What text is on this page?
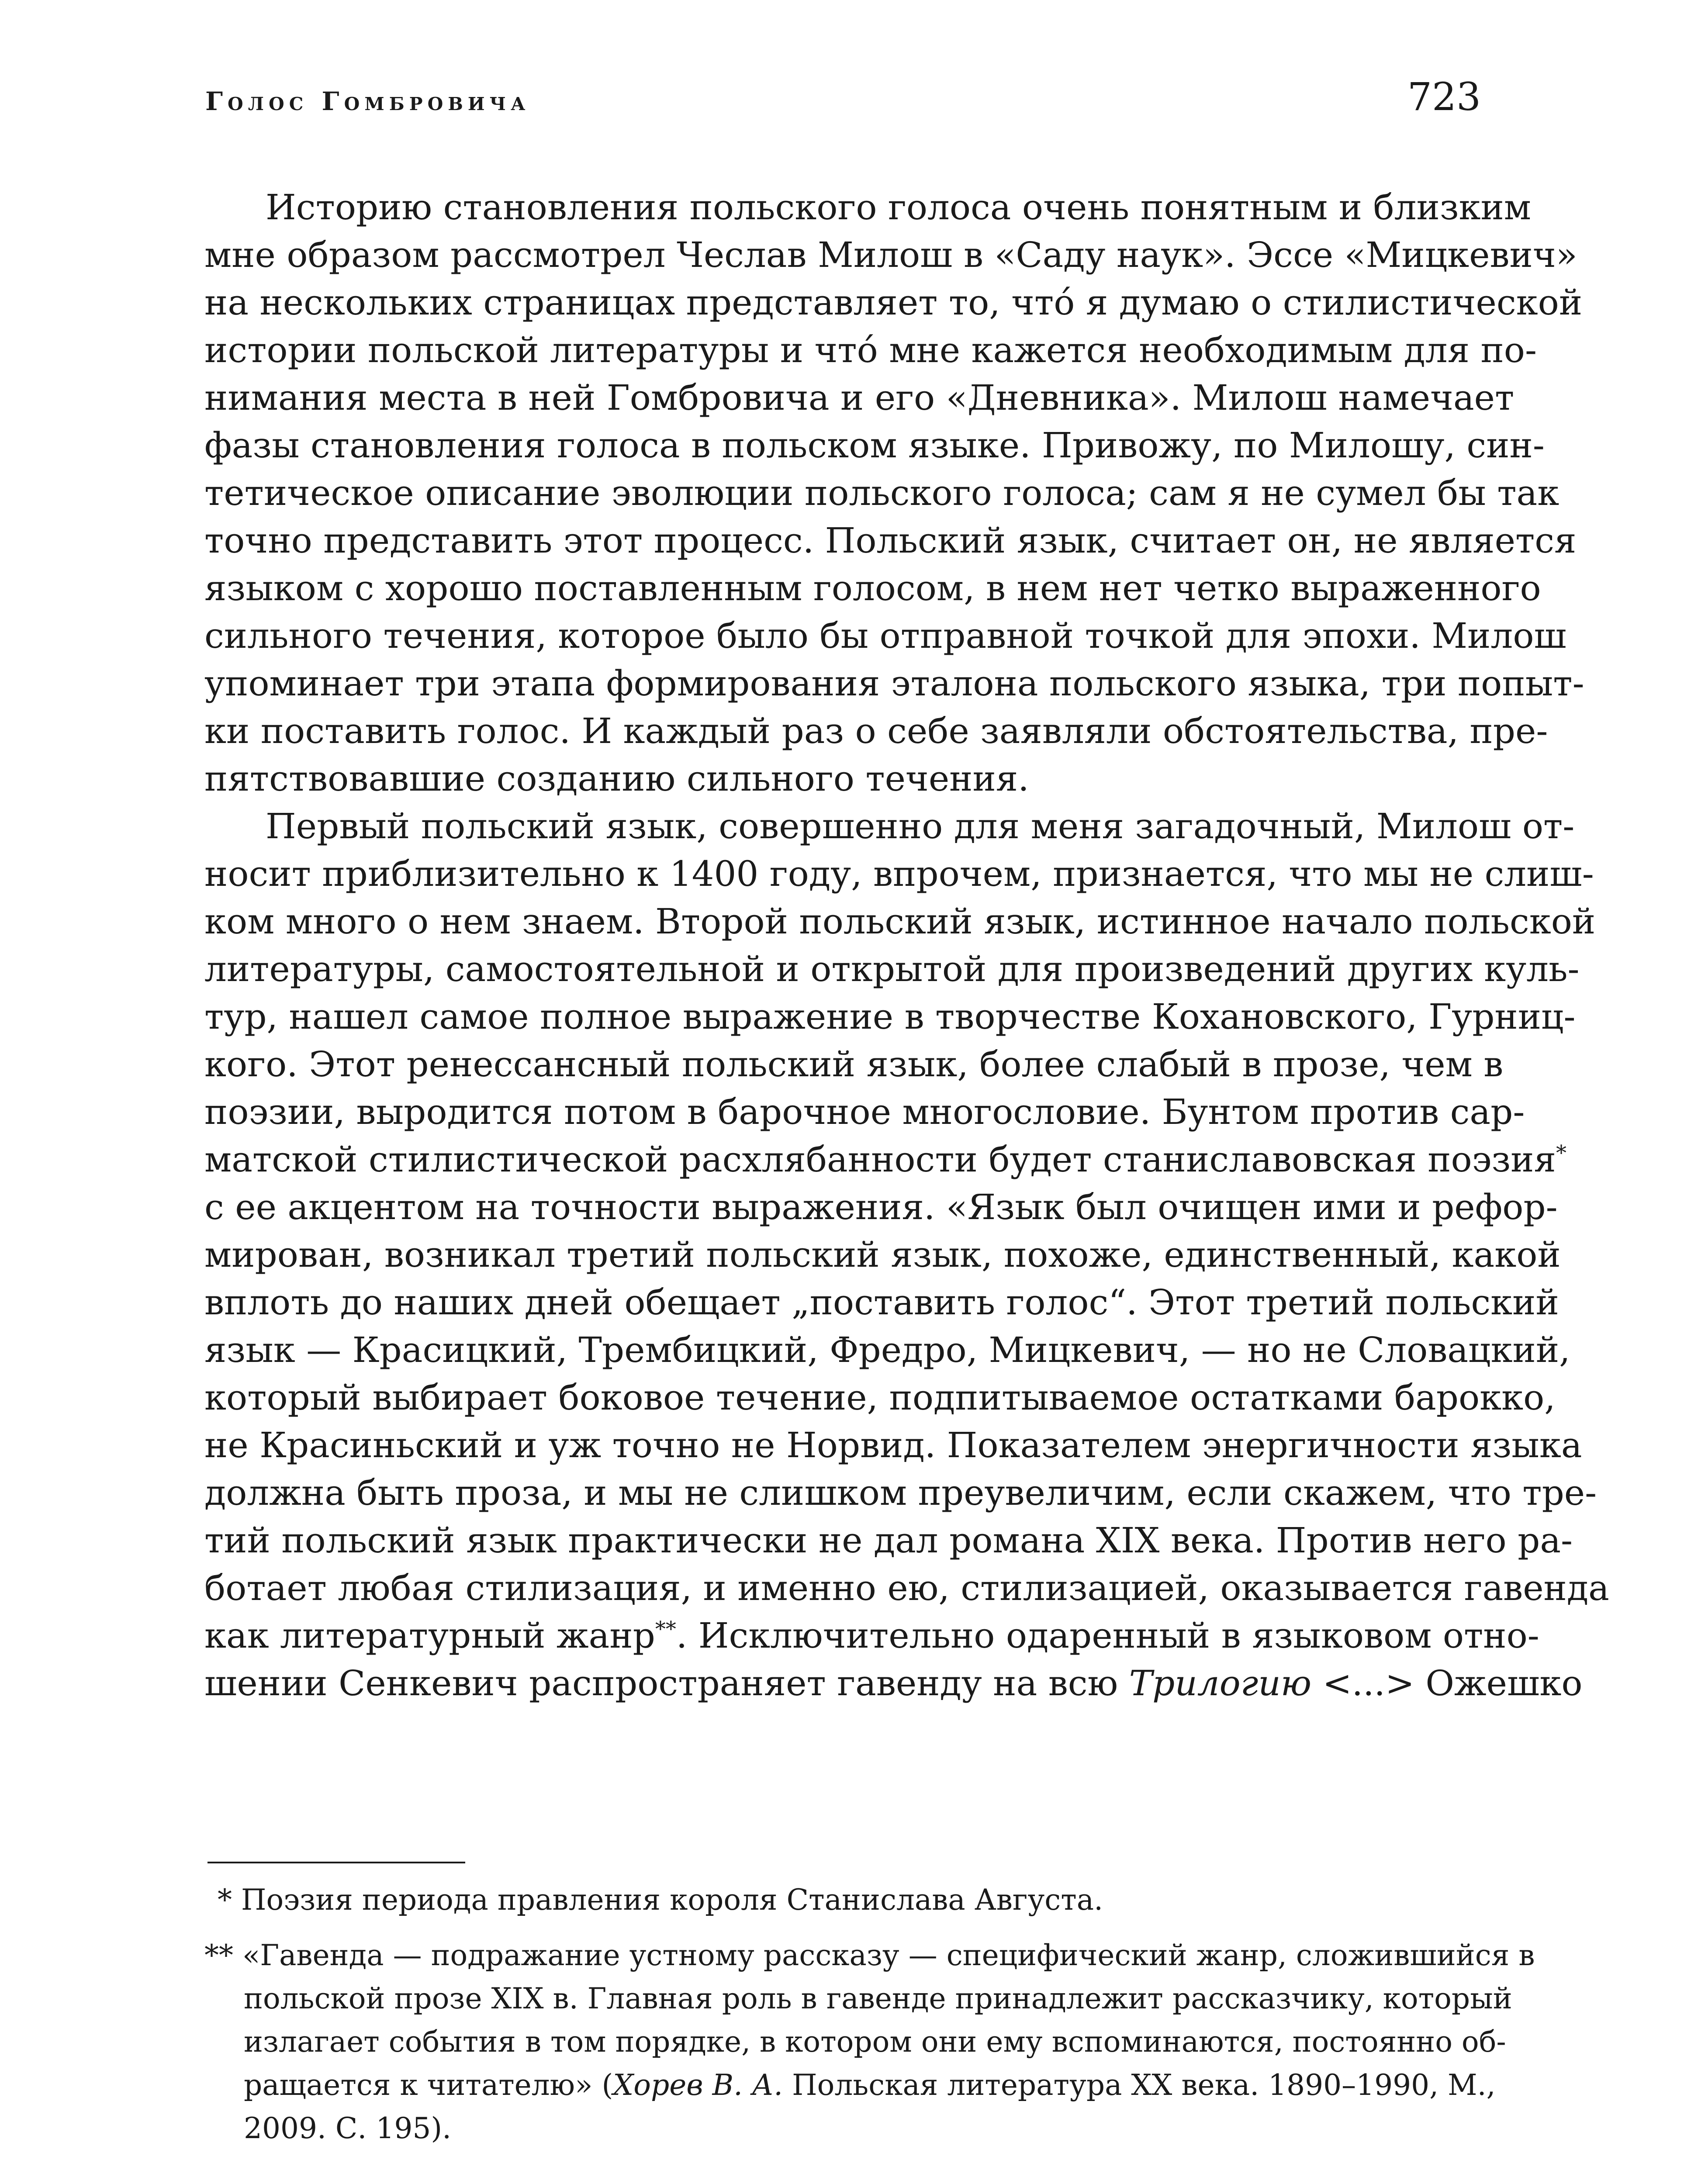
Голос Гомбровича	723
Историю становления польского голоса очень понятным и близким
мне образом рассмотрел Чеслав Милош в «Саду наук». Эссе «Мицкевич»
на нескольких страницах представляет то, что́ я думаю о стилистической
истории польской литературы и что́ мне кажется необходимым для по-
нимания места в ней Гомбровича и его «Дневника». Милош намечает
фазы становления голоса в польском языке. Привожу, по Милошу, син-
тетическое описание эволюции польского голоса; сам я не сумел бы так
точно представить этот процесс. Польский язык, считает он, не является
языком с хорошо поставленным голосом, в нем нет четко выраженного
сильного течения, которое было бы отправной точкой для эпохи. Милош
упоминает три этапа формирования эталона польского языка, три попыт-
ки поставить голос. И каждый раз о себе заявляли обстоятельства, пре-
пятствовавшие созданию сильного течения.
Первый польский язык, совершенно для меня загадочный, Милош от-
носит приблизительно к 1400 году, впрочем, признается, что мы не слиш-
ком много о нем знаем. Второй польский язык, истинное начало польской
литературы, самостоятельной и открытой для произведений других куль-
тур, нашел самое полное выражение в творчестве Кохановского, Гурниц-
кого. Этот ренессансный польский язык, более слабый в прозе, чем в
поэзии, выродится потом в барочное многословие. Бунтом против сар-
матской стилистической расхлябанности будет станиславовская поэзия*
с ее акцентом на точности выражения. «Язык был очищен ими и рефор-
мирован, возникал третий польский язык, похоже, единственный, какой
вплоть до наших дней обещает „поставить голос“. Этот третий польский
язык — Красицкий, Трембицкий, Фредро, Мицкевич, — но не Словацкий,
который выбирает боковое течение, подпитываемое остатками барокко,
не Красиньский и уж точно не Норвид. Показателем энергичности языка
должна быть проза, и мы не слишком преувеличим, если скажем, что тре-
тий польский язык практически не дал романа XIX века. Против него ра-
ботает любая стилизация, и именно ею, стилизацией, оказывается гавенда
как литературный жанр**. Исключительно одаренный в языковом отно-
шении Сенкевич распространяет гавенду на всю Трилогию <...> Ожешко
* Поэзия периода правления короля Станислава Августа.
** «Гавенда — подражание устному рассказу — специфический жанр, сложившийся в
польской прозе XIX в. Главная роль в гавенде принадлежит рассказчику, который
излагает события в том порядке, в котором они ему вспоминаются, постоянно об-
ращается к читателю» (Хорев В. А. Польская литература XX века. 1890–1990, М.,
2009. С. 195).
